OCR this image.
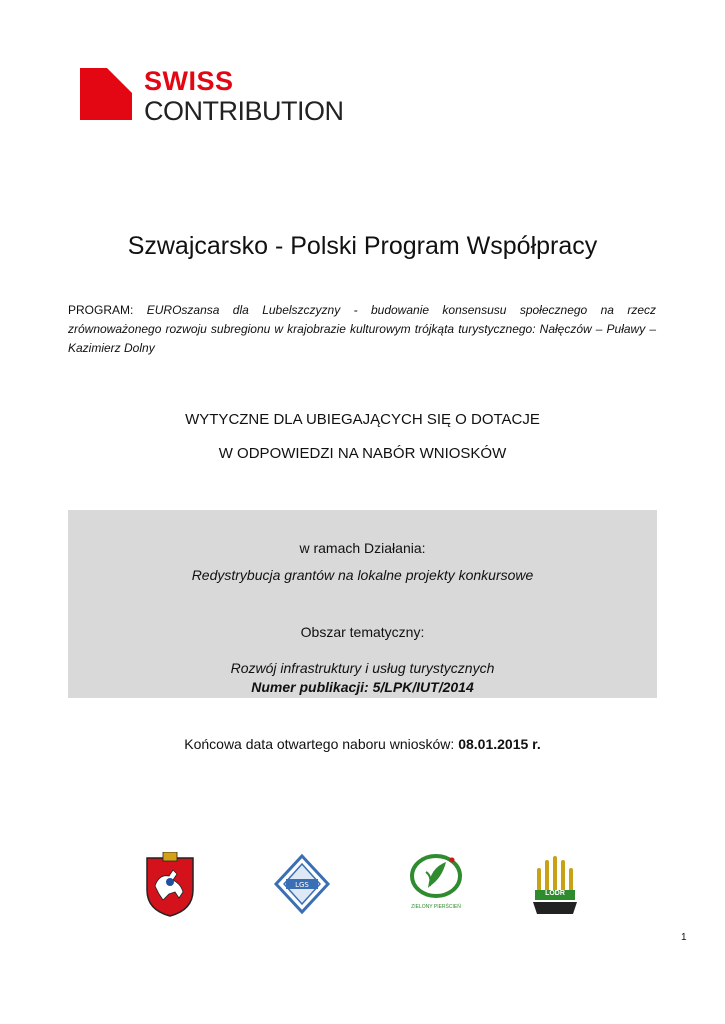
SWISS
CONTRIBUTION
Szwajcarsko - Polski Program Współpracy
PROGRAM: EUROszansa dla Lubelszczyzny - budowanie konsensusu społecznego na rzecz zrównoważonego rozwoju subregionu w krajobrazie kulturowym trójkąta turystycznego: Nałęczów – Puławy – Kazimierz Dolny
WYTYCZNE DLA UBIEGAJĄCYCH SIĘ O DOTACJE
W ODPOWIEDZI NA NABÓR WNIOSKÓW
w ramach Działania:
Redystrybucja grantów na lokalne projekty konkursowe
Obszar tematyczny:
Rozwój infrastruktury i usług turystycznych
Numer publikacji: 5/LPK/IUT/2014
Końcowa data otwartego naboru wniosków: 08.01.2015 r.
LGS
ZIELONY PIERŚCIEŃ
LODR
1
